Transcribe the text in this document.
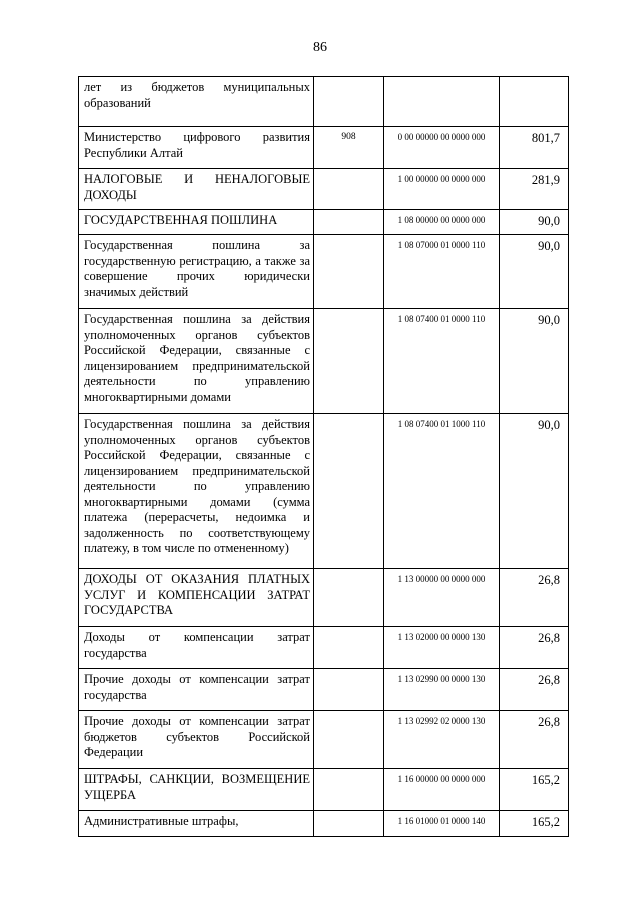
86
лет из бюджетов муниципальных образований			
Министерство цифрового развития Республики Алтай	908	0 00 00000 00 0000 000	801,7
НАЛОГОВЫЕ И НЕНАЛОГОВЫЕ ДОХОДЫ		1 00 00000 00 0000 000	281,9
ГОСУДАРСТВЕННАЯ ПОШЛИНА		1 08 00000 00 0000 000	90,0
Государственная пошлина за государственную регистрацию, а также за совершение прочих юридически значимых действий		1 08 07000 01 0000 110	90,0
Государственная пошлина за действия уполномоченных органов субъектов Российской Федерации, связанные с лицензированием предпринимательской деятельности по управлению многоквартирными домами		1 08 07400 01 0000 110	90,0
Государственная пошлина за действия уполномоченных органов субъектов Российской Федерации, связанные с лицензированием предпринимательской деятельности по управлению многоквартирными домами (сумма платежа (перерасчеты, недоимка и задолженность по соответствующему платежу, в том числе по отмененному)		1 08 07400 01 1000 110	90,0
ДОХОДЫ ОТ ОКАЗАНИЯ ПЛАТНЫХ УСЛУГ И КОМПЕНСАЦИИ ЗАТРАТ ГОСУДАРСТВА		1 13 00000 00 0000 000	26,8
Доходы от компенсации затрат государства		1 13 02000 00 0000 130	26,8
Прочие доходы от компенсации затрат государства		1 13 02990 00 0000 130	26,8
Прочие доходы от компенсации затрат бюджетов субъектов Российской Федерации		1 13 02992 02 0000 130	26,8
ШТРАФЫ, САНКЦИИ, ВОЗМЕЩЕНИЕ УЩЕРБА		1 16 00000 00 0000 000	165,2
Административные штрафы,		1 16 01000 01 0000 140	165,2
